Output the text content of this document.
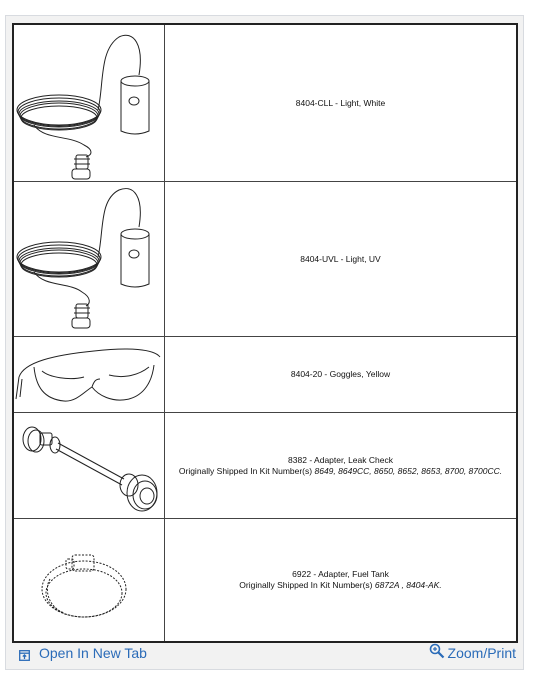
8404-CLL - Light, White
8404-UVL - Light, UV
8404-20 - Goggles, Yellow
8382 - Adapter, Leak Check
Originally Shipped In Kit Number(s) 8649, 8649CC, 8650, 8652, 8653, 8700, 8700CC.
6922 - Adapter, Fuel Tank
Originally Shipped In Kit Number(s) 6872A , 8404-AK.
Open In New Tab	Zoom/Print
